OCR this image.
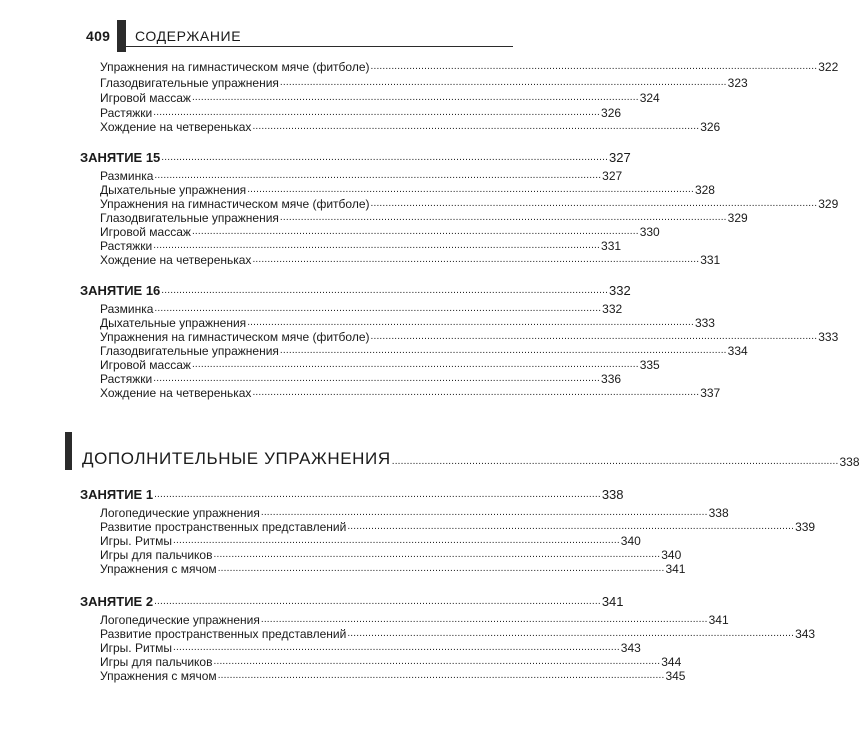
409 СОДЕРЖАНИЕ
Упражнения на гимнастическом мяче (фитболе) ...................................................................................................................................................... 322
Глазодвигательные упражнения ...................................................................................................................................................... 323
Игровой массаж ...................................................................................................................................................... 324
Растяжки ...................................................................................................................................................... 326
Хождение на четвереньках ...................................................................................................................................................... 326
ЗАНЯТИЕ 15 ...................................................................................................................................................... 327
Разминка ...................................................................................................................................................... 327
Дыхательные упражнения ...................................................................................................................................................... 328
Упражнения на гимнастическом мяче (фитболе) ...................................................................................................................................................... 329
Глазодвигательные упражнения ...................................................................................................................................................... 329
Игровой массаж ...................................................................................................................................................... 330
Растяжки ...................................................................................................................................................... 331
Хождение на четвереньках ...................................................................................................................................................... 331
ЗАНЯТИЕ 16 ...................................................................................................................................................... 332
Разминка ...................................................................................................................................................... 332
Дыхательные упражнения ...................................................................................................................................................... 333
Упражнения на гимнастическом мяче (фитболе) ...................................................................................................................................................... 333
Глазодвигательные упражнения ...................................................................................................................................................... 334
Игровой массаж ...................................................................................................................................................... 335
Растяжки ...................................................................................................................................................... 336
Хождение на четвереньках ...................................................................................................................................................... 337
ДОПОЛНИТЕЛЬНЫЕ УПРАЖНЕНИЯ ...................................................................................................................................................... 338
ЗАНЯТИЕ 1 ...................................................................................................................................................... 338
Логопедические упражнения ...................................................................................................................................................... 338
Развитие пространственных представлений ...................................................................................................................................................... 339
Игры. Ритмы ...................................................................................................................................................... 340
Игры для пальчиков ...................................................................................................................................................... 340
Упражнения с мячом ...................................................................................................................................................... 341
ЗАНЯТИЕ 2 ...................................................................................................................................................... 341
Логопедические упражнения ...................................................................................................................................................... 341
Развитие пространственных представлений ...................................................................................................................................................... 343
Игры. Ритмы ...................................................................................................................................................... 343
Игры для пальчиков ...................................................................................................................................................... 344
Упражнения с мячом ...................................................................................................................................................... 345
